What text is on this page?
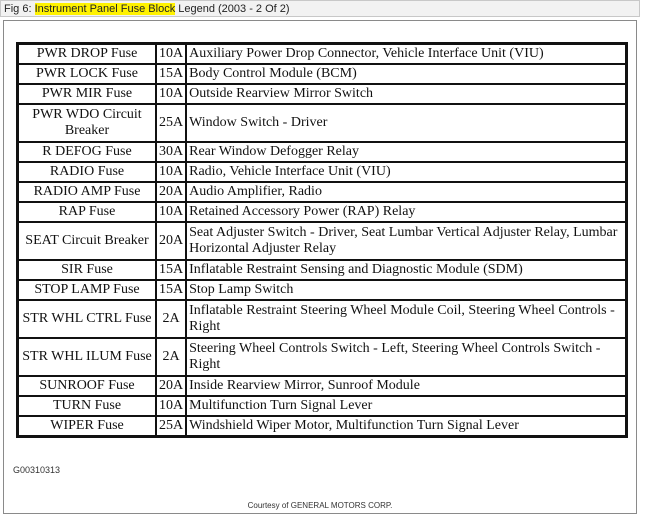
Fig 6: Instrument Panel Fuse Block Legend (2003 - 2 Of 2)
PWR DROP Fuse	10A	Auxiliary Power Drop Connector, Vehicle Interface Unit (VIU)
PWR LOCK Fuse	15A	Body Control Module (BCM)
PWR MIR Fuse	10A	Outside Rearview Mirror Switch
PWR WDO Circuit Breaker	25A	Window Switch - Driver
R DEFOG Fuse	30A	Rear Window Defogger Relay
RADIO Fuse	10A	Radio, Vehicle Interface Unit (VIU)
RADIO AMP Fuse	20A	Audio Amplifier, Radio
RAP Fuse	10A	Retained Accessory Power (RAP) Relay
SEAT Circuit Breaker	20A	Seat Adjuster Switch - Driver, Seat Lumbar Vertical Adjuster Relay, Lumbar Horizontal Adjuster Relay
SIR Fuse	15A	Inflatable Restraint Sensing and Diagnostic Module (SDM)
STOP LAMP Fuse	15A	Stop Lamp Switch
STR WHL CTRL Fuse	2A	Inflatable Restraint Steering Wheel Module Coil, Steering Wheel Controls - Right
STR WHL ILUM Fuse	2A	Steering Wheel Controls Switch - Left, Steering Wheel Controls Switch - Right
SUNROOF Fuse	20A	Inside Rearview Mirror, Sunroof Module
TURN Fuse	10A	Multifunction Turn Signal Lever
WIPER Fuse	25A	Windshield Wiper Motor, Multifunction Turn Signal Lever
G00310313
Courtesy of GENERAL MOTORS CORP.
